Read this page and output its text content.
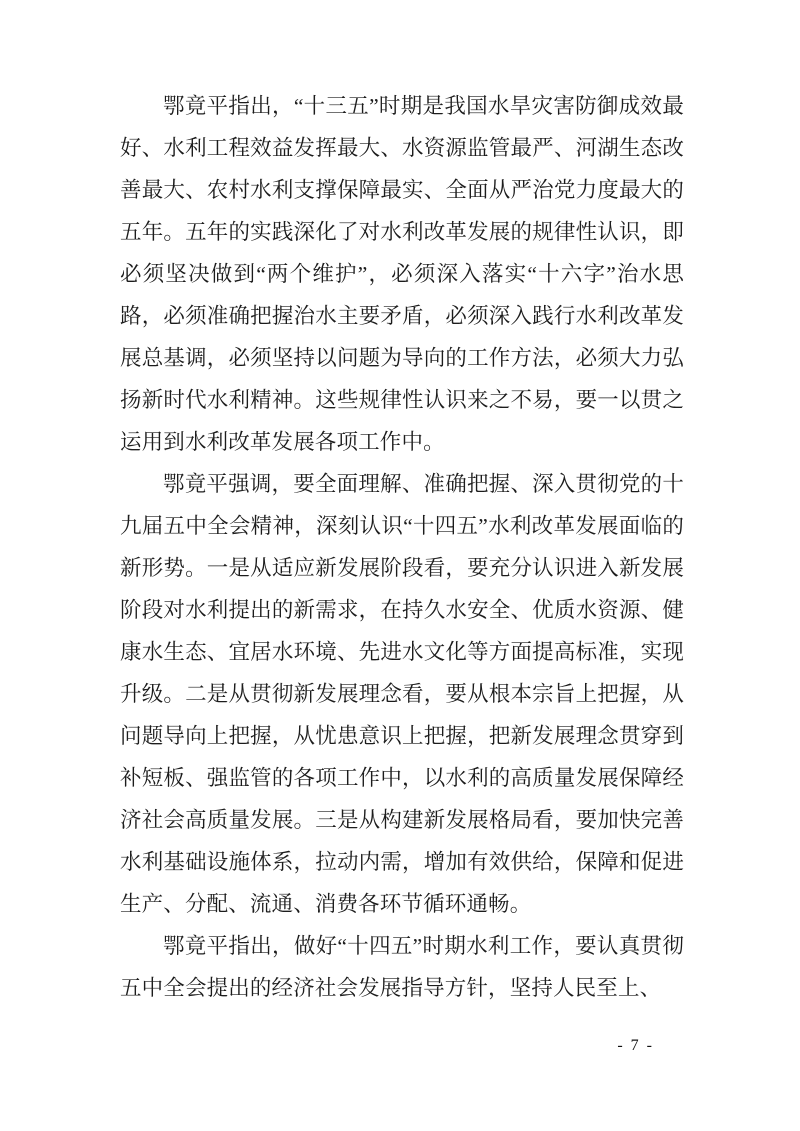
鄂竟平指出，“十三五”时期是我国水旱灾害防御成效最好、水利工程效益发挥最大、水资源监管最严、河湖生态改善最大、农村水利支撑保障最实、全面从严治党力度最大的五年。五年的实践深化了对水利改革发展的规律性认识，即必须坚决做到“两个维护”，必须深入落实“十六字”治水思路，必须准确把握治水主要矛盾，必须深入践行水利改革发展总基调，必须坚持以问题为导向的工作方法，必须大力弘扬新时代水利精神。这些规律性认识来之不易，要一以贯之运用到水利改革发展各项工作中。

鄂竟平强调，要全面理解、准确把握、深入贯彻党的十九届五中全会精神，深刻认识“十四五”水利改革发展面临的新形势。一是从适应新发展阶段看，要充分认识进入新发展阶段对水利提出的新需求，在持久水安全、优质水资源、健康水生态、宜居水环境、先进水文化等方面提高标准，实现升级。二是从贯彻新发展理念看，要从根本宗旨上把握，从问题导向上把握，从忧患意识上把握，把新发展理念贯穿到补短板、强监管的各项工作中，以水利的高质量发展保障经济社会高质量发展。三是从构建新发展格局看，要加快完善水利基础设施体系，拉动内需，增加有效供给，保障和促进生产、分配、流通、消费各环节循环通畅。

鄂竟平指出，做好“十四五”时期水利工作，要认真贯彻五中全会提出的经济社会发展指导方针，坚持人民至上、

- 7 -
